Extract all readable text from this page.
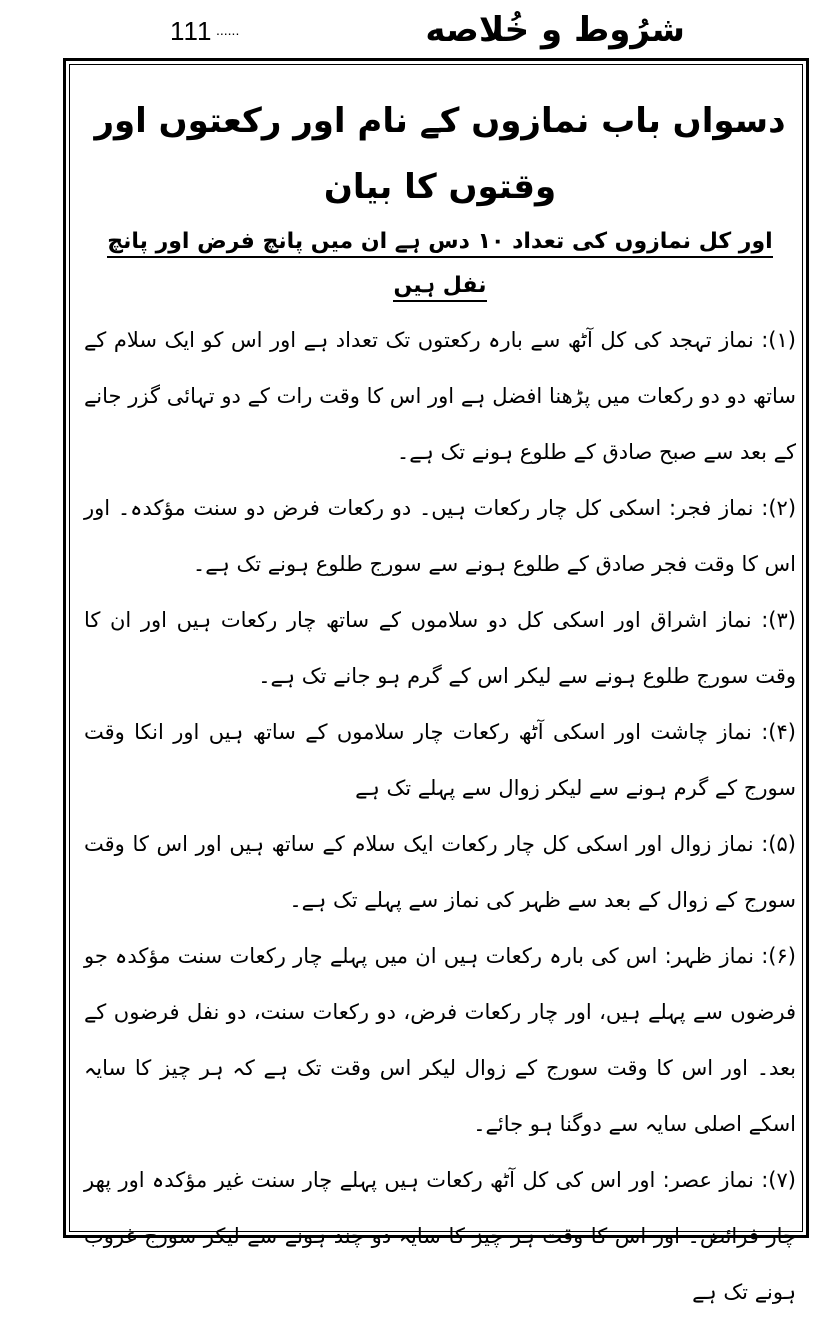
111 ......	شرُوط و خُلاصه
دسواں باب نمازوں کے نام اور رکعتوں اور وقتوں کا بیان

اور کل نمازوں کی تعداد ۱۰ دس ہے ان میں پانچ فرض اور پانچ نفل ہیں

(۱): نماز تہجد کی کل آٹھ سے بارہ رکعتوں تک تعداد ہے اور اس کو ایک سلام کے ساتھ دو دو رکعات میں پڑھنا افضل ہے اور اس کا وقت رات کے دو تہائی گزر جانے کے بعد سے صبح صادق کے طلوع ہونے تک ہے۔

(۲): نماز فجر: اسکی کل چار رکعات ہیں۔ دو رکعات فرض دو سنت مؤکدہ۔ اور اس کا وقت فجر صادق کے طلوع ہونے سے سورج طلوع ہونے تک ہے۔

(۳): نماز اشراق اور اسکی کل دو سلاموں کے ساتھ چار رکعات ہیں اور ان کا وقت سورج طلوع ہونے سے لیکر اس کے گرم ہو جانے تک ہے۔

(۴): نماز چاشت اور اسکی آٹھ رکعات چار سلاموں کے ساتھ ہیں اور انکا وقت سورج کے گرم ہونے سے لیکر زوال سے پہلے تک ہے

(۵): نماز زوال اور اسکی کل چار رکعات ایک سلام کے ساتھ ہیں اور اس کا وقت سورج کے زوال کے بعد سے ظہر کی نماز سے پہلے تک ہے۔

(۶): نماز ظہر: اس کی بارہ رکعات ہیں ان میں پہلے چار رکعات سنت مؤکدہ جو فرضوں سے پہلے ہیں، اور چار رکعات فرض، دو رکعات سنت، دو نفل فرضوں کے بعد۔ اور اس کا وقت سورج کے زوال لیکر اس وقت تک ہے کہ ہر چیز کا سایہ اسکے اصلی سایہ سے دوگنا ہو جائے۔

(۷): نماز عصر: اور اس کی کل آٹھ رکعات ہیں پہلے چار سنت غیر مؤکدہ اور پھر چار فرائض۔ اور اس کا وقت ہر چیز کا سایہ دو چند ہونے سے لیکر سورج غروب ہونے تک ہے
